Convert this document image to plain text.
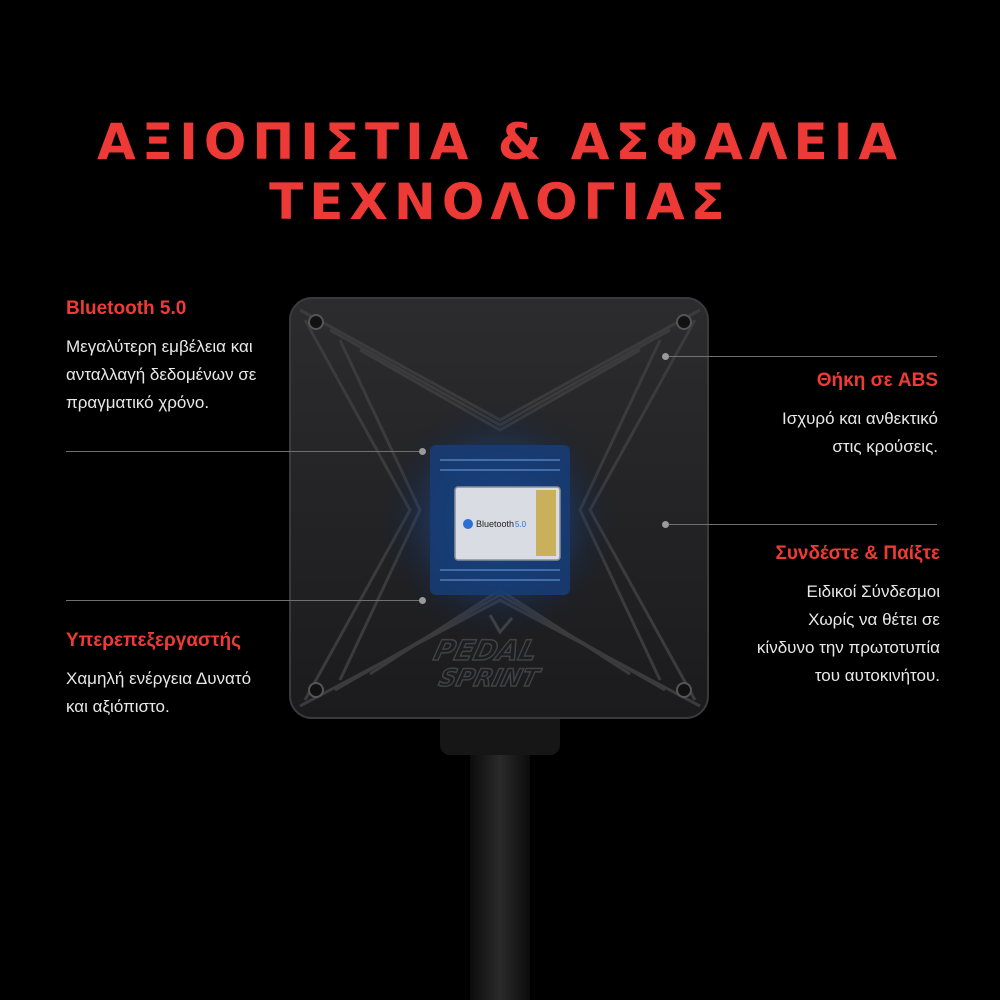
ΑΞΙΟΠΙΣΤΙΑ & ΑΣΦΑΛΕΙΑ
ΤΕΧΝΟΛΟΓΙΑΣ
Bluetooth 5.0
PEDAL
SPRINT
Bluetooth 5.0
Μεγαλύτερη εμβέλεια και
ανταλλαγή δεδομένων σε
πραγματικό χρόνο.
Θήκη σε ABS
Ισχυρό και ανθεκτικό
στις κρούσεις.
Συνδέστε & Παίξτε
Ειδικοί Σύνδεσμοι
Χωρίς να θέτει σε
κίνδυνο την πρωτοτυπία
του αυτοκινήτου.
Υπερεπεξεργαστής
Χαμηλή ενέργεια Δυνατό
και αξιόπιστο.
